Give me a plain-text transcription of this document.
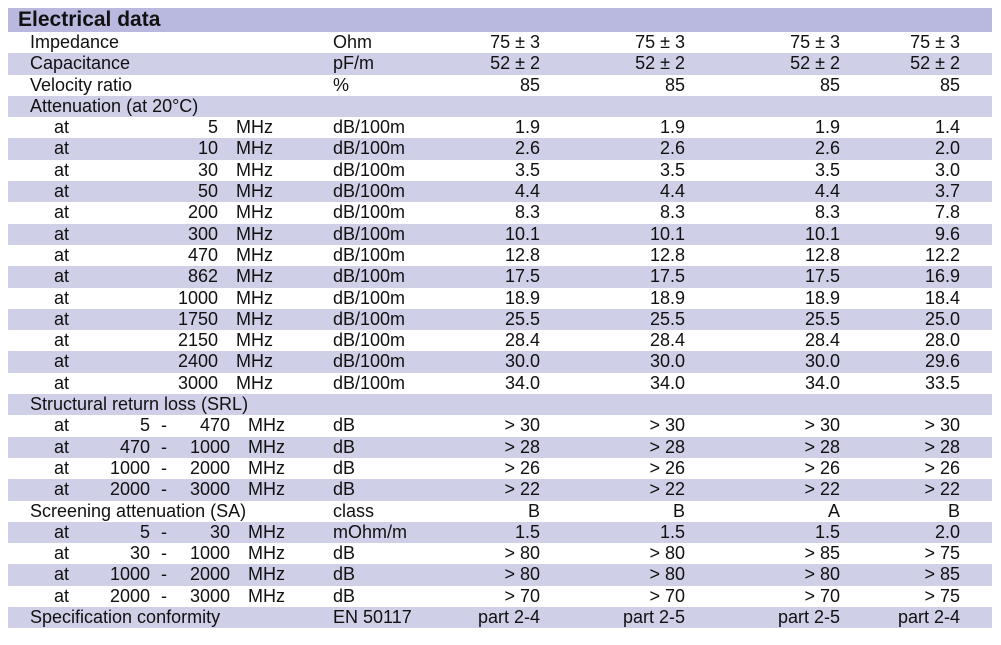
Electrical data
Impedance	Ohm	75 ± 3	75 ± 3	75 ± 3	75 ± 3
Capacitance	pF/m	52 ± 2	52 ± 2	52 ± 2	52 ± 2
Velocity ratio	%	85	85	85	85
Attenuation (at 20°C)
at	5 MHz	dB/100m	1.9	1.9	1.9	1.4
at	10 MHz	dB/100m	2.6	2.6	2.6	2.0
at	30 MHz	dB/100m	3.5	3.5	3.5	3.0
at	50 MHz	dB/100m	4.4	4.4	4.4	3.7
at	200 MHz	dB/100m	8.3	8.3	8.3	7.8
at	300 MHz	dB/100m	10.1	10.1	10.1	9.6
at	470 MHz	dB/100m	12.8	12.8	12.8	12.2
at	862 MHz	dB/100m	17.5	17.5	17.5	16.9
at	1000 MHz	dB/100m	18.9	18.9	18.9	18.4
at	1750 MHz	dB/100m	25.5	25.5	25.5	25.0
at	2150 MHz	dB/100m	28.4	28.4	28.4	28.0
at	2400 MHz	dB/100m	30.0	30.0	30.0	29.6
at	3000 MHz	dB/100m	34.0	34.0	34.0	33.5
Structural return loss (SRL)
at	5 -	470 MHz	dB	> 30	> 30	> 30	> 30
at	470 -	1000 MHz	dB	> 28	> 28	> 28	> 28
at	1000 -	2000 MHz	dB	> 26	> 26	> 26	> 26
at	2000 -	3000 MHz	dB	> 22	> 22	> 22	> 22
Screening attenuation (SA)	class	B	B	A	B
at	5 -	30 MHz	mOhm/m	1.5	1.5	1.5	2.0
at	30 -	1000 MHz	dB	> 80	> 80	> 85	> 75
at	1000 -	2000 MHz	dB	> 80	> 80	> 80	> 85
at	2000 -	3000 MHz	dB	> 70	> 70	> 70	> 75
Specification conformity	EN 50117	part 2-4	part 2-5	part 2-5	part 2-4
